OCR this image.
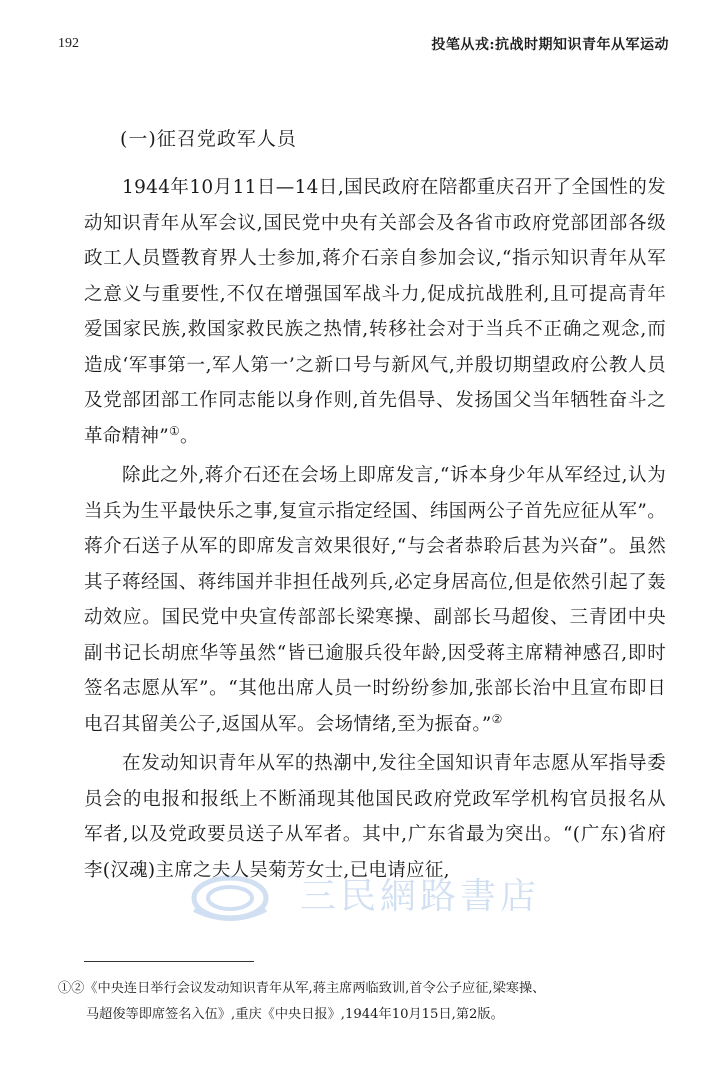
192	投笔从戎:抗战时期知识青年从军运动
(一)征召党政军人员

1944年10月11日—14日,国民政府在陪都重庆召开了全国性的发动知识青年从军会议,国民党中央有关部会及各省市政府党部团部各级政工人员暨教育界人士参加,蒋介石亲自参加会议,“指示知识青年从军之意义与重要性,不仅在增强国军战斗力,促成抗战胜利,且可提高青年爱国家民族,救国家救民族之热情,转移社会对于当兵不正确之观念,而造成‘军事第一,军人第一’之新口号与新风气,并殷切期望政府公教人员及党部团部工作同志能以身作则,首先倡导、发扬国父当年牺牲奋斗之革命精神”①。

除此之外,蒋介石还在会场上即席发言,“诉本身少年从军经过,认为当兵为生平最快乐之事,复宣示指定经国、纬国两公子首先应征从军”。蒋介石送子从军的即席发言效果很好,“与会者恭聆后甚为兴奋”。虽然其子蒋经国、蒋纬国并非担任战列兵,必定身居高位,但是依然引起了轰动效应。国民党中央宣传部部长梁寒操、副部长马超俊、三青团中央副书记长胡庶华等虽然“皆已逾服兵役年龄,因受蒋主席精神感召,即时签名志愿从军”。“其他出席人员一时纷纷参加,张部长治中且宣布即日电召其留美公子,返国从军。会场情绪,至为振奋。”②

在发动知识青年从军的热潮中,发往全国知识青年志愿从军指导委员会的电报和报纸上不断涌现其他国民政府党政军学机构官员报名从军者,以及党政要员送子从军者。其中,广东省最为突出。“(广东)省府李(汉魂)主席之夫人吴菊芳女士,已电请应征,

三民網路書店
①②《中央连日举行会议发动知识青年从军,蒋主席两临致训,首令公子应征,梁寒操、
马超俊等即席签名入伍》,重庆《中央日报》,1944年10月15日,第2版。
